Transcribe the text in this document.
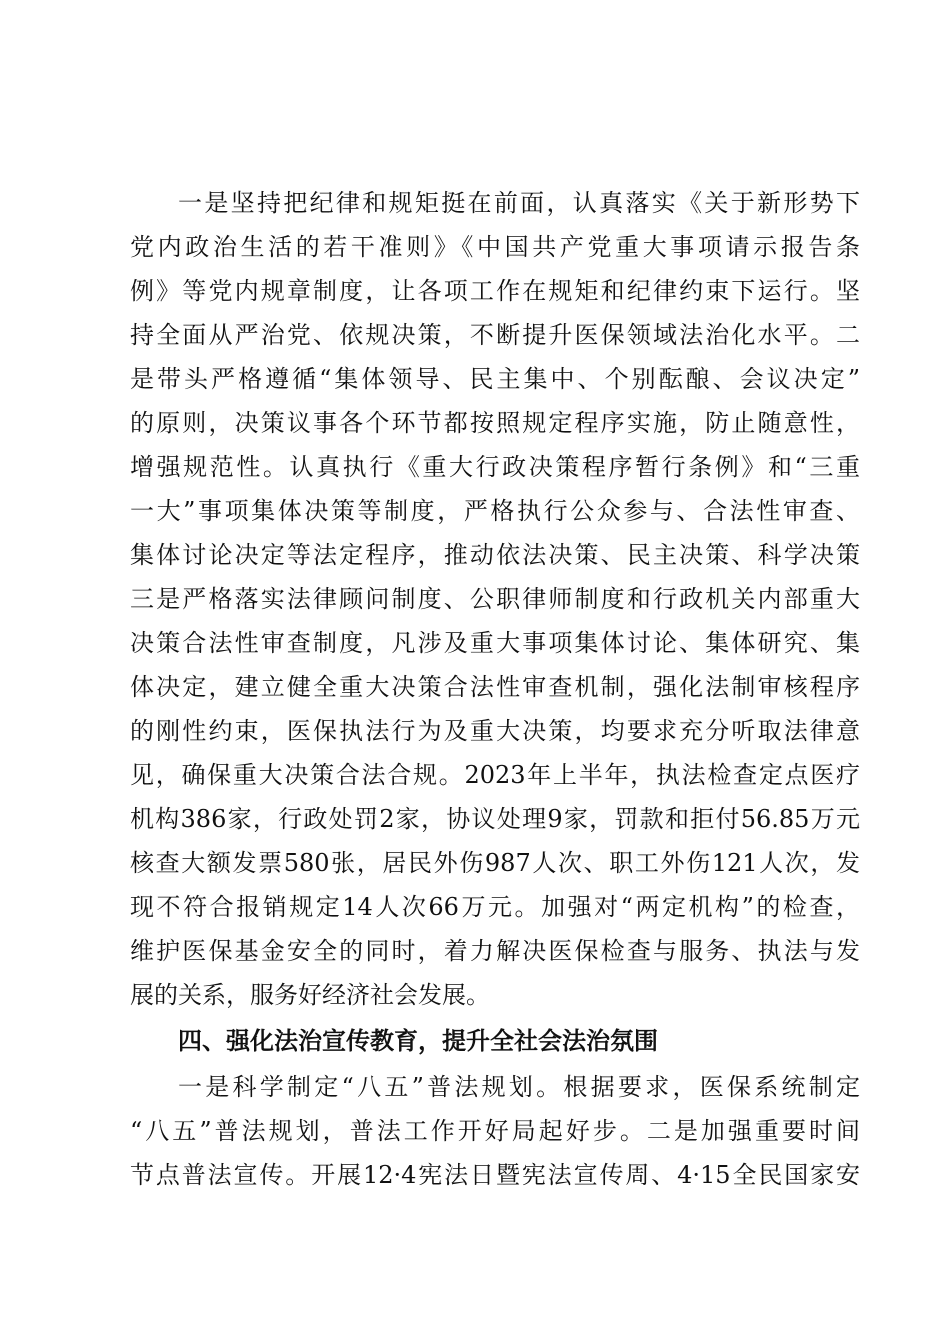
一是坚持把纪律和规矩挺在前面，认真落实《关于新形势下
党内政治生活的若干准则》《中国共产党重大事项请示报告条
例》等党内规章制度，让各项工作在规矩和纪律约束下运行。坚
持全面从严治党、依规决策，不断提升医保领域法治化水平。二
是带头严格遵循“集体领导、民主集中、个别酝酿、会议决定”
的原则，决策议事各个环节都按照规定程序实施，防止随意性，
增强规范性。认真执行《重大行政决策程序暂行条例》和“三重
一大”事项集体决策等制度，严格执行公众参与、合法性审查、
集体讨论决定等法定程序，推动依法决策、民主决策、科学决策
三是严格落实法律顾问制度、公职律师制度和行政机关内部重大
决策合法性审查制度，凡涉及重大事项集体讨论、集体研究、集
体决定，建立健全重大决策合法性审查机制，强化法制审核程序
的刚性约束，医保执法行为及重大决策，均要求充分听取法律意
见，确保重大决策合法合规。2023年上半年，执法检查定点医疗
机构386家，行政处罚2家，协议处理9家，罚款和拒付56.85万元
核查大额发票580张，居民外伤987人次、职工外伤121人次，发
现不符合报销规定14人次66万元。加强对“两定机构”的检查，
维护医保基金安全的同时，着力解决医保检查与服务、执法与发
展的关系，服务好经济社会发展。
四、强化法治宣传教育，提升全社会法治氛围
一是科学制定“八五”普法规划。根据要求，医保系统制定
“八五”普法规划，普法工作开好局起好步。二是加强重要时间
节点普法宣传。开展12·4宪法日暨宪法宣传周、4·15全民国家安
